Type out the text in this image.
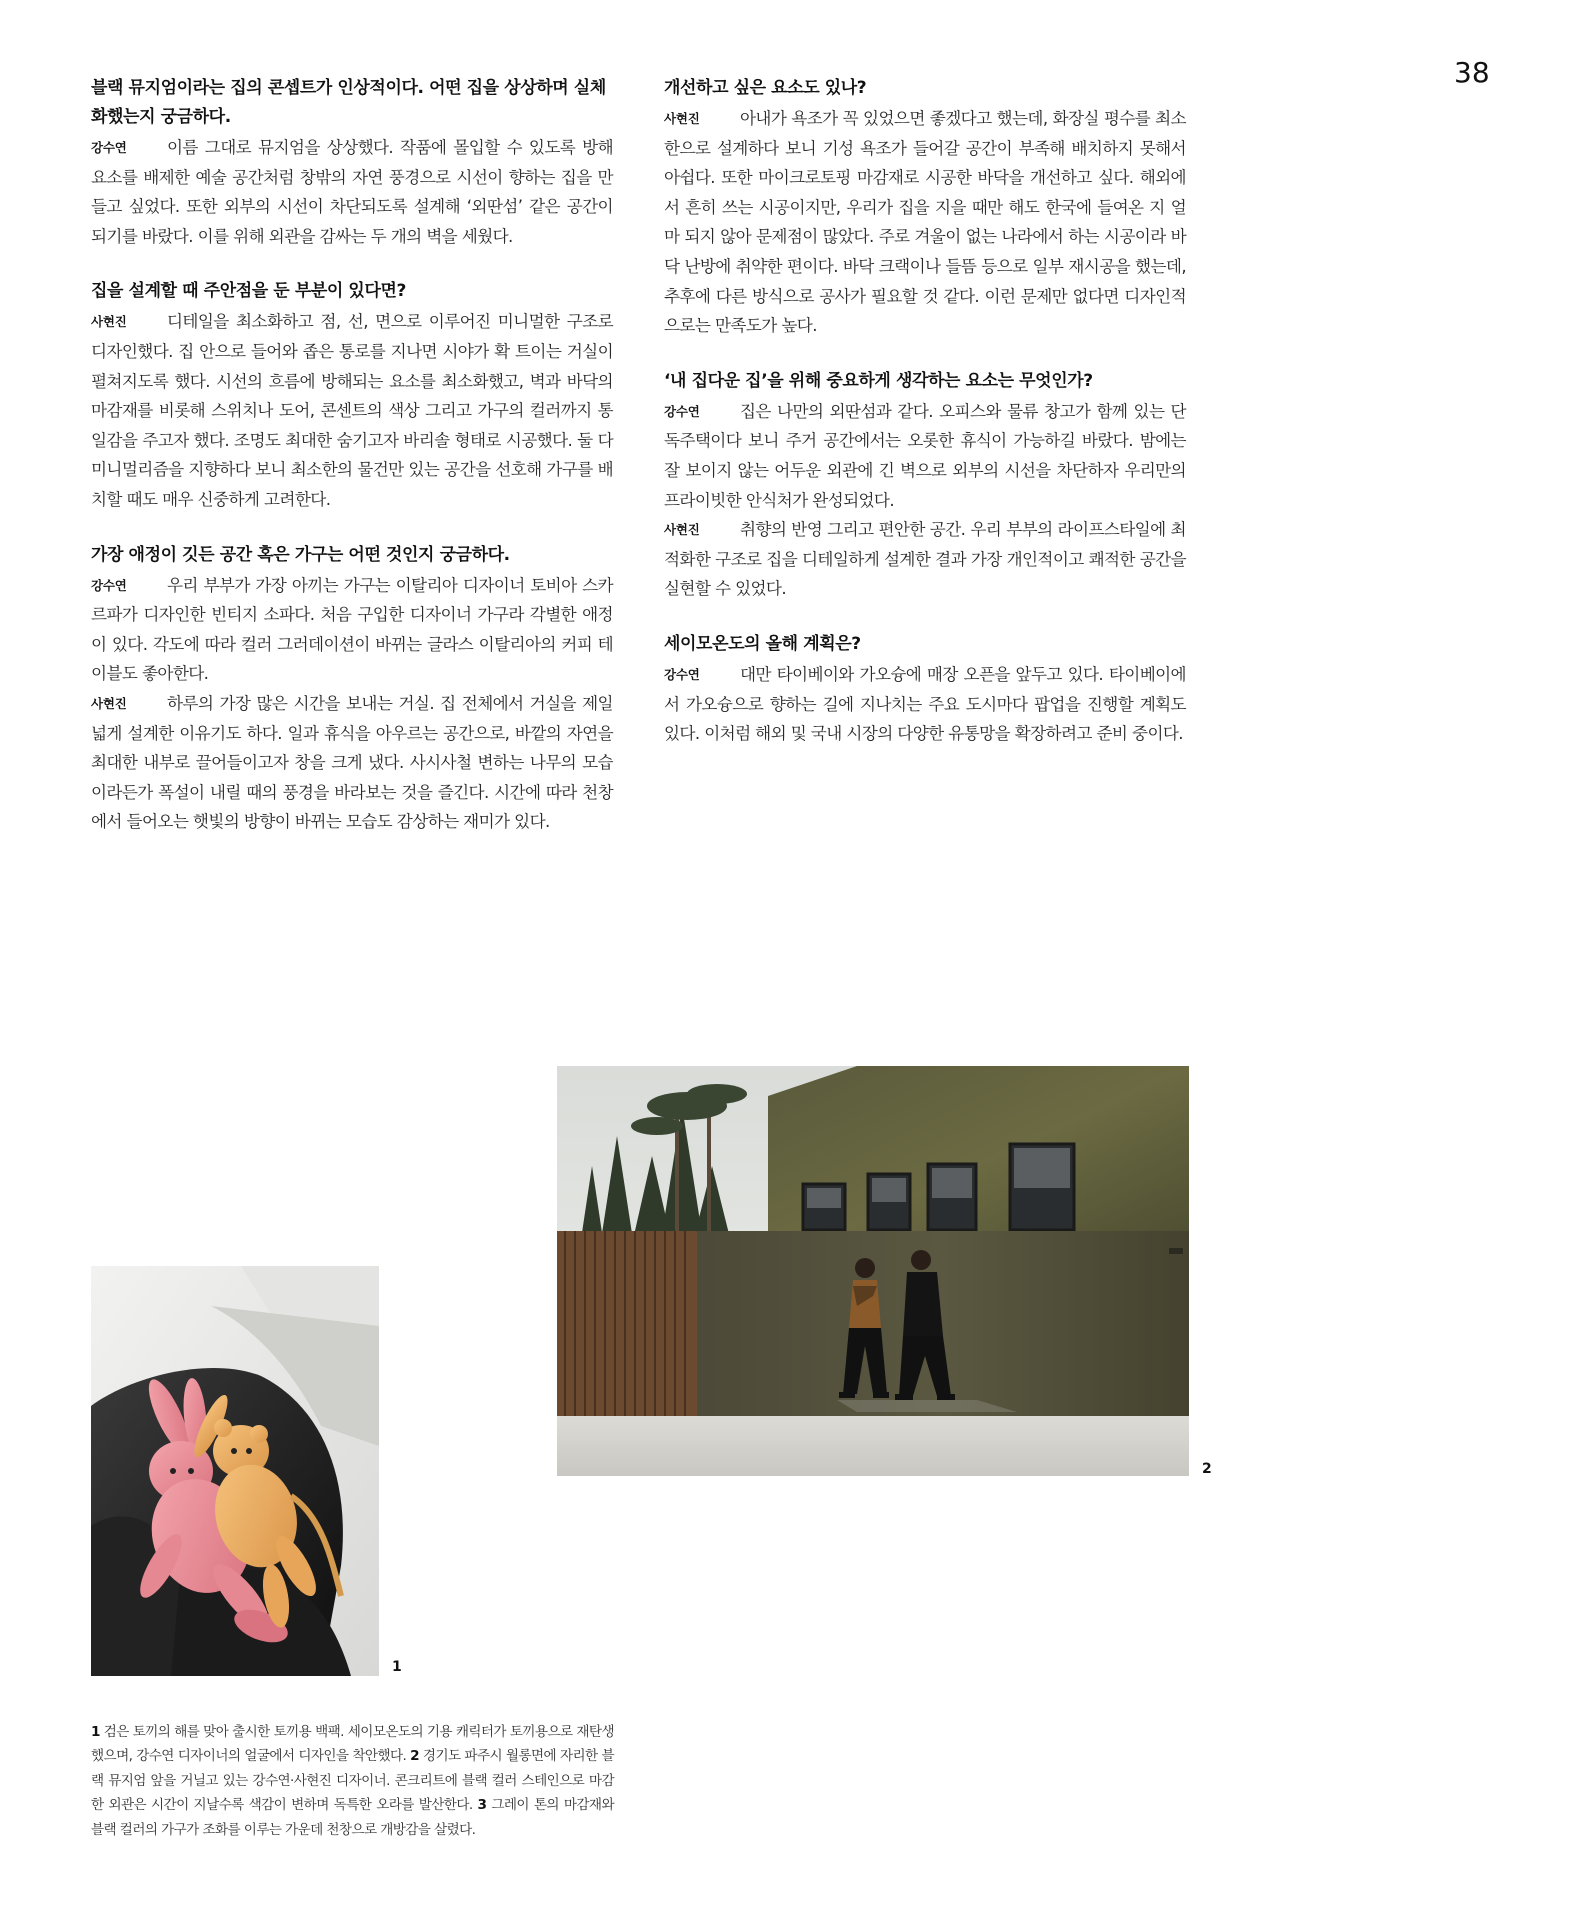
38

블랙 뮤지엄이라는 집의 콘셉트가 인상적이다. 어떤 집을 상상하며 실체화했는지 궁금하다.

강수연 이름 그대로 뮤지엄을 상상했다. 작품에 몰입할 수 있도록 방해 요소를 배제한 예술 공간처럼 창밖의 자연 풍경으로 시선이 향하는 집을 만들고 싶었다. 또한 외부의 시선이 차단되도록 설계해 ‘외딴섬’ 같은 공간이 되기를 바랐다. 이를 위해 외관을 감싸는 두 개의 벽을 세웠다.

집을 설계할 때 주안점을 둔 부분이 있다면?

사현진 디테일을 최소화하고 점, 선, 면으로 이루어진 미니멀한 구조로 디자인했다. 집 안으로 들어와 좁은 통로를 지나면 시야가 확 트이는 거실이 펼쳐지도록 했다. 시선의 흐름에 방해되는 요소를 최소화했고, 벽과 바닥의 마감재를 비롯해 스위치나 도어, 콘센트의 색상 그리고 가구의 컬러까지 통일감을 주고자 했다. 조명도 최대한 숨기고자 바리솔 형태로 시공했다. 둘 다 미니멀리즘을 지향하다 보니 최소한의 물건만 있는 공간을 선호해 가구를 배치할 때도 매우 신중하게 고려한다.

가장 애정이 깃든 공간 혹은 가구는 어떤 것인지 궁금하다.

강수연 우리 부부가 가장 아끼는 가구는 이탈리아 디자이너 토비아 스카르파가 디자인한 빈티지 소파다. 처음 구입한 디자이너 가구라 각별한 애정이 있다. 각도에 따라 컬러 그러데이션이 바뀌는 글라스 이탈리아의 커피 테이블도 좋아한다.

사현진 하루의 가장 많은 시간을 보내는 거실. 집 전체에서 거실을 제일 넓게 설계한 이유기도 하다. 일과 휴식을 아우르는 공간으로, 바깥의 자연을 최대한 내부로 끌어들이고자 창을 크게 냈다. 사시사철 변하는 나무의 모습이라든가 폭설이 내릴 때의 풍경을 바라보는 것을 즐긴다. 시간에 따라 천창에서 들어오는 햇빛의 방향이 바뀌는 모습도 감상하는 재미가 있다.

개선하고 싶은 요소도 있나?

사현진 아내가 욕조가 꼭 있었으면 좋겠다고 했는데, 화장실 평수를 최소한으로 설계하다 보니 기성 욕조가 들어갈 공간이 부족해 배치하지 못해서 아쉽다. 또한 마이크로토핑 마감재로 시공한 바닥을 개선하고 싶다. 해외에서 흔히 쓰는 시공이지만, 우리가 집을 지을 때만 해도 한국에 들여온 지 얼마 되지 않아 문제점이 많았다. 주로 겨울이 없는 나라에서 하는 시공이라 바닥 난방에 취약한 편이다. 바닥 크랙이나 들뜸 등으로 일부 재시공을 했는데, 추후에 다른 방식으로 공사가 필요할 것 같다. 이런 문제만 없다면 디자인적으로는 만족도가 높다.

‘내 집다운 집’을 위해 중요하게 생각하는 요소는 무엇인가?

강수연 집은 나만의 외딴섬과 같다. 오피스와 물류 창고가 함께 있는 단독주택이다 보니 주거 공간에서는 오롯한 휴식이 가능하길 바랐다. 밤에는 잘 보이지 않는 어두운 외관에 긴 벽으로 외부의 시선을 차단하자 우리만의 프라이빗한 안식처가 완성되었다.

사현진 취향의 반영 그리고 편안한 공간. 우리 부부의 라이프스타일에 최적화한 구조로 집을 디테일하게 설계한 결과 가장 개인적이고 쾌적한 공간을 실현할 수 있었다.

세이모온도의 올해 계획은?

강수연 대만 타이베이와 가오슝에 매장 오픈을 앞두고 있다. 타이베이에서 가오슝으로 향하는 길에 지나치는 주요 도시마다 팝업을 진행할 계획도 있다. 이처럼 해외 및 국내 시장의 다양한 유통망을 확장하려고 준비 중이다.

1
2
1 검은 토끼의 해를 맞아 출시한 토끼용 백팩. 세이모온도의 기용 캐릭터가 토끼용으로 재탄생했으며, 강수연 디자이너의 얼굴에서 디자인을 착안했다. 2 경기도 파주시 월롱면에 자리한 블랙 뮤지엄 앞을 거닐고 있는 강수연·사현진 디자이너. 콘크리트에 블랙 컬러 스테인으로 마감한 외관은 시간이 지날수록 색감이 변하며 독특한 오라를 발산한다. 3 그레이 톤의 마감재와 블랙 컬러의 가구가 조화를 이루는 가운데 천창으로 개방감을 살렸다.
